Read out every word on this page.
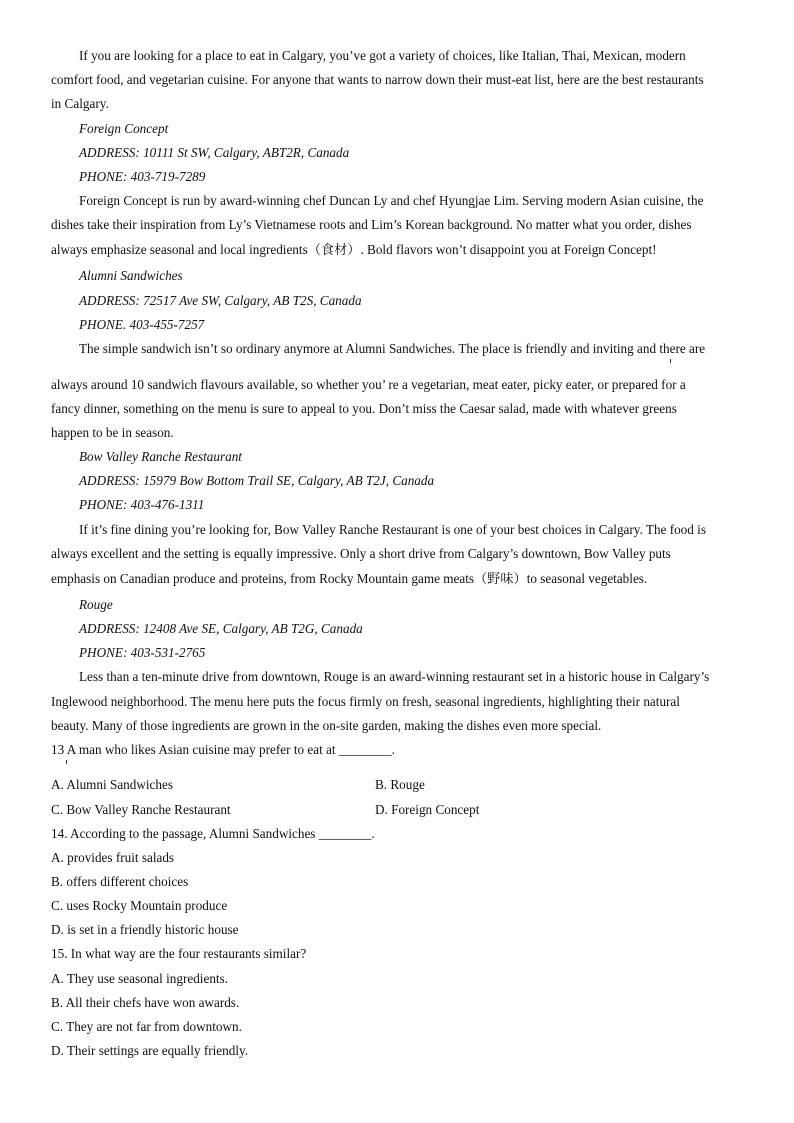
If you are looking for a place to eat in Calgary, you’ve got a variety of choices, like Italian, Thai, Mexican, modern
comfort food, and vegetarian cuisine. For anyone that wants to narrow down their must-eat list, here are the best restaurants
in Calgary.
Foreign Concept
ADDRESS: 10111 St SW, Calgary, ABT2R, Canada
PHONE: 403-719-7289
Foreign Concept is run by award-winning chef Duncan Ly and chef Hyungjae Lim. Serving modern Asian cuisine, the
dishes take their inspiration from Ly’s Vietnamese roots and Lim’s Korean background. No matter what you order, dishes
always emphasize seasonal and local ingredients（食材）. Bold flavors won’t disappoint you at Foreign Concept!
Alumni Sandwiches
ADDRESS: 72517 Ave SW, Calgary, AB T2S, Canada
PHONE. 403-455-7257
The simple sandwich isn’t so ordinary anymore at Alumni Sandwiches. The place is friendly and inviting and there are
always around 10 sandwich flavours available, so whether you’ re a vegetarian, meat eater, picky eater, or prepared for a
fancy dinner, something on the menu is sure to appeal to you. Don’t miss the Caesar salad, made with whatever greens
happen to be in season.
Bow Valley Ranche Restaurant
ADDRESS: 15979 Bow Bottom Trail SE, Calgary, AB T2J, Canada
PHONE: 403-476-1311
If it’s fine dining you’re looking for, Bow Valley Ranche Restaurant is one of your best choices in Calgary. The food is
always excellent and the setting is equally impressive. Only a short drive from Calgary’s downtown, Bow Valley puts
emphasis on Canadian produce and proteins, from Rocky Mountain game meats（野味）to seasonal vegetables.
Rouge
ADDRESS: 12408 Ave SE, Calgary, AB T2G, Canada
PHONE: 403-531-2765
Less than a ten-minute drive from downtown, Rouge is an award-winning restaurant set in a historic house in Calgary’s
Inglewood neighborhood. The menu here puts the focus firmly on fresh, seasonal ingredients, highlighting their natural
beauty. Many of those ingredients are grown in the on-site garden, making the dishes even more special.
13 A man who likes Asian cuisine may prefer to eat at ________.
A. Alumni Sandwiches	B. Rouge
C. Bow Valley Ranche Restaurant	D. Foreign Concept
14. According to the passage, Alumni Sandwiches ________.
A. provides fruit salads
B. offers different choices
C. uses Rocky Mountain produce
D. is set in a friendly historic house
15. In what way are the four restaurants similar?
A. They use seasonal ingredients.
B. All their chefs have won awards.
C. They are not far from downtown.
D. Their settings are equally friendly.
